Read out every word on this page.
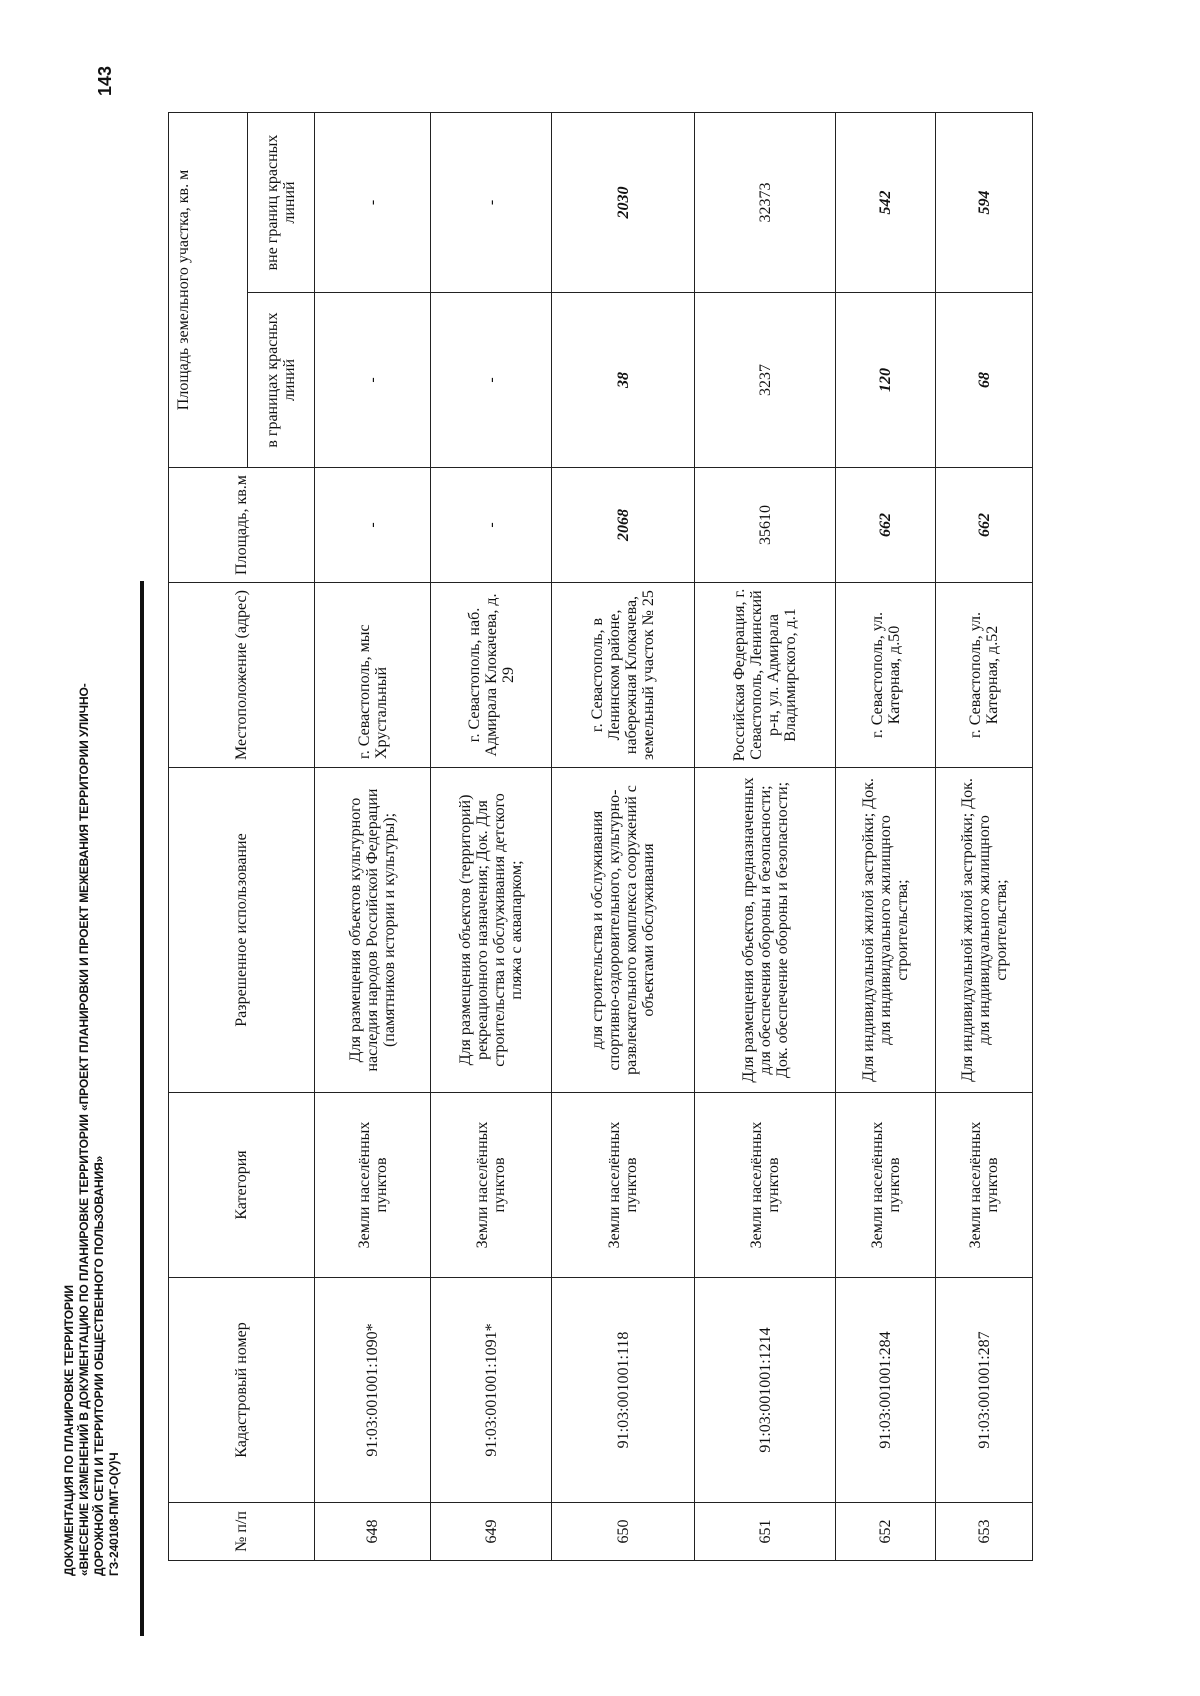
ДОКУМЕНТАЦИЯ ПО ПЛАНИРОВКЕ ТЕРРИТОРИИ «ВНЕСЕНИЕ ИЗМЕНЕНИЙ В ДОКУМЕНТАЦИЮ ПО ПЛАНИРОВКЕ ТЕРРИТОРИИ «ПРОЕКТ ПЛАНИРОВКИ И ПРОЕКТ МЕЖЕВАНИЯ ТЕРРИТОРИИ УЛИЧНО- ДОРОЖНОЙ СЕТИ И ТЕРРИТОРИИ ОБЩЕСТВЕННОГО ПОЛЬЗОВАНИЯ» ГЗ-240108-ПМТ-О(У)Ч
143
№ п/п	Кадастровый номер	Категория	Разрешенное использование	Местоположение (адрес)	Площадь, кв.м	Площадь земельного участка, кв. м	
						в границах красных линий	вне границ красных линий
648	91:03:001001:1090*	Земли населённых пунктов	Для размещения объектов культурного наследия народов Российской Федерации (памятников истории и культуры);	г. Севастополь, мыс Хрустальный	-	-	-
649	91:03:001001:1091*	Земли населённых пунктов	Для размещения объектов (территорий) рекреационного назначения; Док. Для строительства и обслуживания детского пляжа с аквапарком;	г. Севастополь, наб. Адмирала Клокачева, д. 29	-	-	-
650	91:03:001001:118	Земли населённых пунктов	для строительства и обслуживания спортивно-оздоровительного, культурно-развлекательного комплекса сооружений с объектами обслуживания	г. Севастополь, в Ленинском районе, набережная Клокачева, земельный участок № 25	2068	38	2030
651	91:03:001001:1214	Земли населённых пунктов	Для размещения объектов, предназначенных для обеспечения обороны и безопасности; Док. обеспечение обороны и безопасности;	Российская Федерация, г. Севастополь, Ленинский р-н, ул. Адмирала Владимирского, д.1	35610	3237	32373
652	91:03:001001:284	Земли населённых пунктов	Для индивидуальной жилой застройки; Док. для индивидуального жилищного строительства;	г. Севастополь, ул. Катерная, д.50	662	120	542
653	91:03:001001:287	Земли населённых пунктов	Для индивидуальной жилой застройки; Док. для индивидуального жилищного строительства;	г. Севастополь, ул. Катерная, д.52	662	68	594
